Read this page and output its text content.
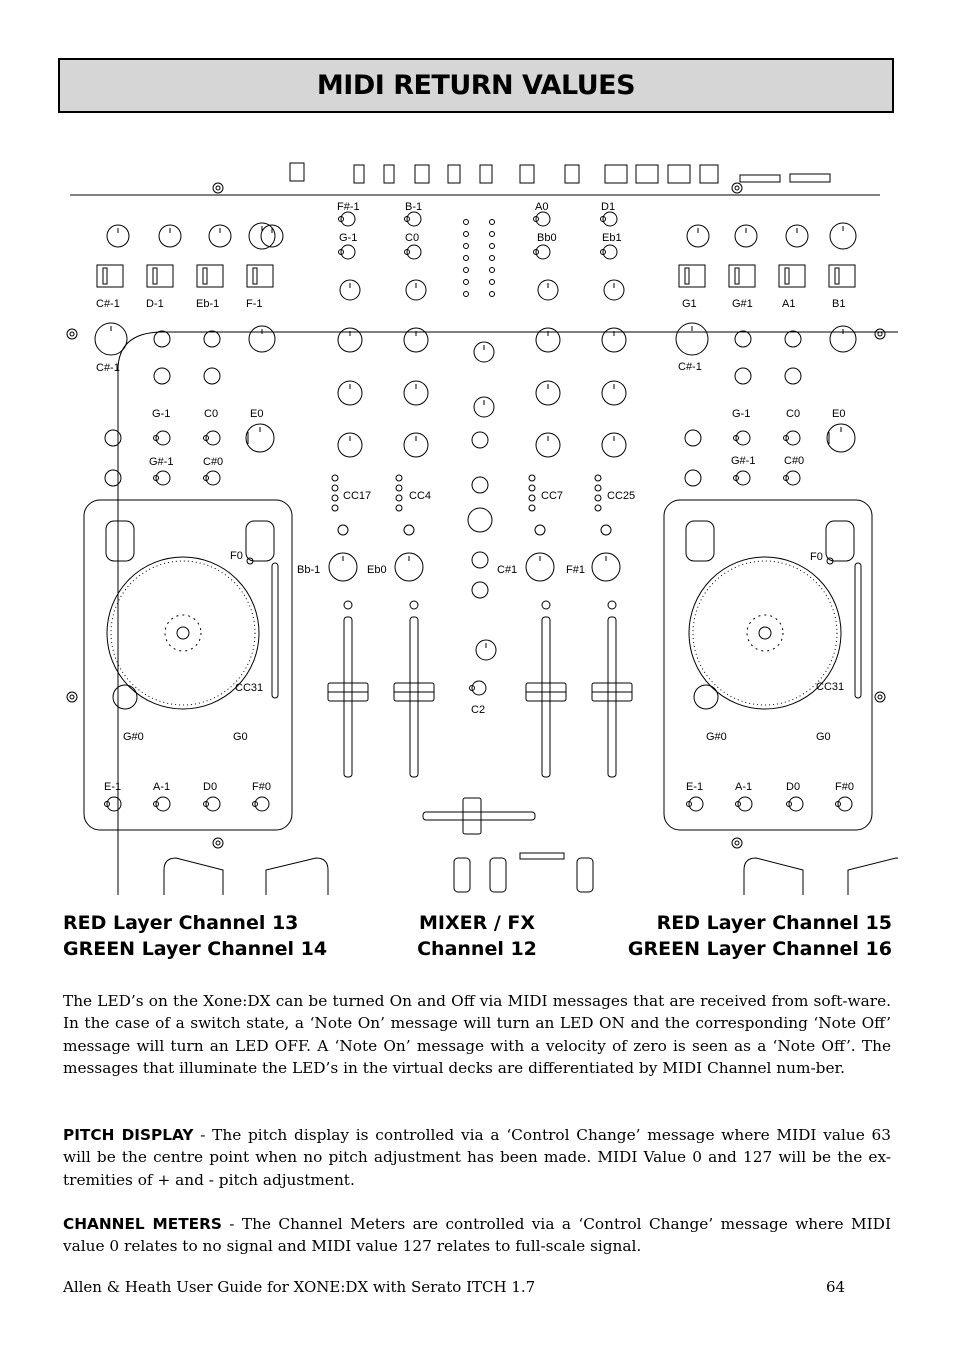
MIDI RETURN VALUES
C#-1 D-1	Eb-1 F-1
C#-1
G-1	C0	E0
G#-1	C#0
F0
CC31
G#0	G0
E-1	A-1	D0	F#0
G1	G#1	A1	B1
C#-1
G-1	C0	E0
G#-1	C#0
F0
CC31
G#0	G0
E-1	A-1	D0	F#0
F#-1	B-1	A0	D1
G-1	C0	Bb0	Eb1
CC17	CC4	CC7	CC25
Bb-1	Eb0	C#1	F#1
C2
RED Layer Channel 13
GREEN Layer Channel 14
MIXER / FX
Channel 12
RED Layer Channel 15
GREEN Layer Channel 16

The LED’s on the Xone:DX can be turned On and Off via MIDI messages that are received from soft-ware. In the case of a switch state, a ‘Note On’ message will turn an LED ON and the corresponding ‘Note Off’ message will turn an LED OFF. A ‘Note On’ message with a velocity of zero is seen as a ‘Note Off’. The messages that illuminate the LED’s in the virtual decks are differentiated by MIDI Channel num-ber.

PITCH DISPLAY - The pitch display is controlled via a ‘Control Change’ message where MIDI value 63 will be the centre point when no pitch adjustment has been made. MIDI Value 0 and 127 will be the ex-tremities of + and - pitch adjustment.

CHANNEL METERS - The Channel Meters are controlled via a ‘Control Change’ message where MIDI value 0 relates to no signal and MIDI value 127 relates to full-scale signal.

Allen & Heath User Guide for XONE:DX with Serato ITCH 1.7	64
